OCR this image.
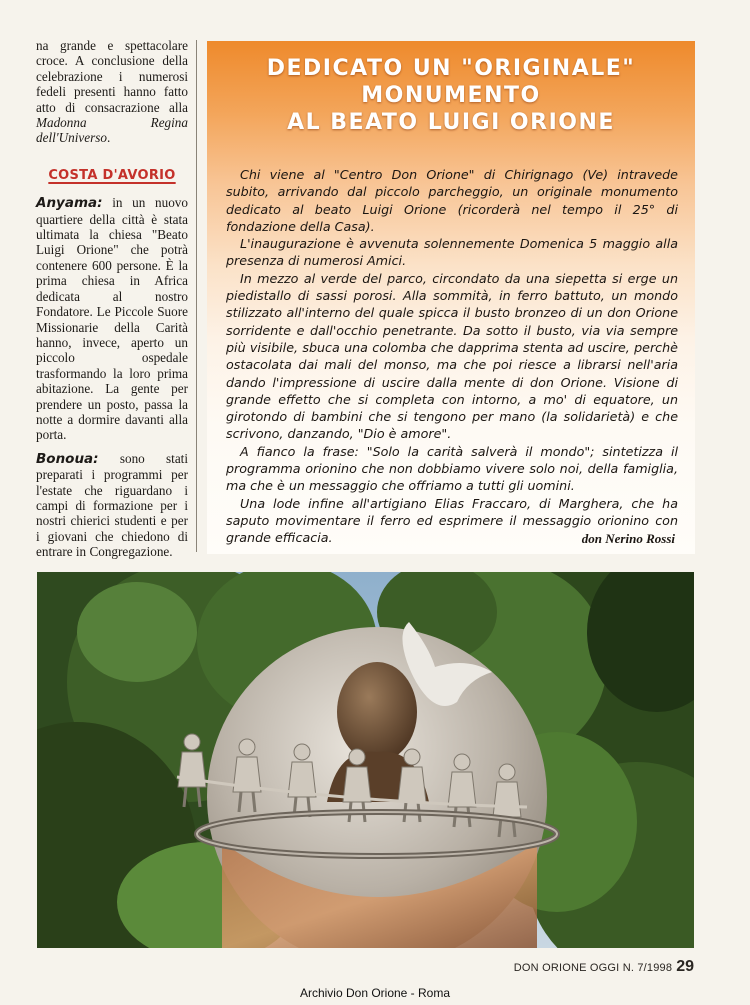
na grande e spettacolare croce. A conclusione della celebrazione i numerosi fedeli presenti hanno fatto atto di consacrazione alla Madonna Regina dell'Universo.

COSTA D'AVORIO

Anyama: in un nuovo quartiere della città è stata ultimata la chiesa "Beato Luigi Orione" che potrà contenere 600 persone. È la prima chiesa in Africa dedicata al nostro Fondatore. Le Piccole Suore Missionarie della Carità hanno, invece, aperto un piccolo ospedale trasformando la loro prima abitazione. La gente per prendere un posto, passa la notte a dormire davanti alla porta.

Bonoua: sono stati preparati i programmi per l'estate che riguardano i campi di formazione per i nostri chierici studenti e per i giovani che chiedono di entrare in Congregazione.

DEDICATO UN "ORIGINALE"
MONUMENTO
AL BEATO LUIGI ORIONE

Chi viene al "Centro Don Orione" di Chirignago (Ve) intravede subito, arrivando dal piccolo parcheggio, un originale monumento dedicato al beato Luigi Orione (ricorderà nel tempo il 25° di fondazione della Casa).

L'inaugurazione è avvenuta solennemente Domenica 5 maggio alla presenza di numerosi Amici.

In mezzo al verde del parco, circondato da una siepetta si erge un piedistallo di sassi porosi. Alla sommità, in ferro battuto, un mondo stilizzato all'interno del quale spicca il busto bronzeo di un don Orione sorridente e dall'occhio penetrante. Da sotto il busto, via via sempre più visibile, sbuca una colomba che dapprima stenta ad uscire, perchè ostacolata dai mali del monso, ma che poi riesce a librarsi nell'aria dando l'impressione di uscire dalla mente di don Orione. Visione di grande effetto che si completa con intorno, a mo' di equatore, un girotondo di bambini che si tengono per mano (la solidarietà) e che scrivono, danzando, "Dio è amore".

A fianco la frase: "Solo la carità salverà il mondo"; sintetizza il programma orionino che non dobbiamo vivere solo noi, della famiglia, ma che è un messaggio che offriamo a tutti gli uomini.

Una lode infine all'artigiano Elias Fraccaro, di Marghera, che ha saputo movimentare il ferro ed esprimere il messaggio orionino con grande efficacia.	don Nerino Rossi
DON ORIONE OGGI N. 7/1998 29
Archivio Don Orione - Roma
